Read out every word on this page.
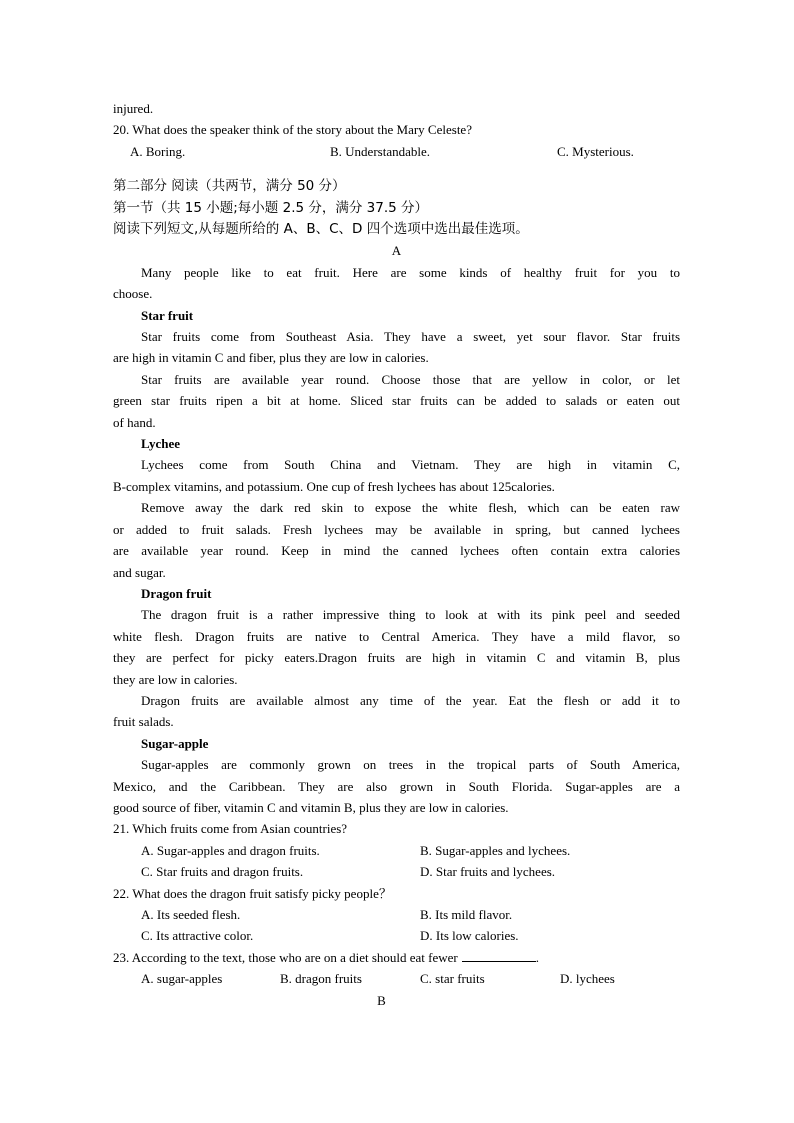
injured.
20. What does the speaker think of the story about the Mary Celeste?
A. Boring.	B. Understandable.	C. Mysterious.
第二部分 阅读（共两节，满分 50 分）
第一节（共 15 小题;每小题 2.5 分，满分 37.5 分）
阅读下列短文,从每题所给的 A、B、C、D 四个选项中选出最佳选项。
A
Many people like to eat fruit. Here are some kinds of healthy fruit for you to
choose.
Star fruit
Star fruits come from Southeast Asia. They have a sweet, yet sour flavor. Star fruits
are high in vitamin C and fiber, plus they are low in calories.
Star fruits are available year round. Choose those that are yellow in color, or let
green star fruits ripen a bit at home. Sliced star fruits can be added to salads or eaten out
of hand.
Lychee
Lychees come from South China and Vietnam. They are high in vitamin C,
B-complex vitamins, and potassium. One cup of fresh lychees has about 125calories.
Remove away the dark red skin to expose the white flesh, which can be eaten raw
or added to fruit salads. Fresh lychees may be available in spring, but canned lychees
are available year round. Keep in mind the canned lychees often contain extra calories
and sugar.
Dragon fruit
The dragon fruit is a rather impressive thing to look at with its pink peel and seeded
white flesh. Dragon fruits are native to Central America. They have a mild flavor, so
they are perfect for picky eaters.Dragon fruits are high in vitamin C and vitamin B, plus
they are low in calories.
Dragon fruits are available almost any time of the year. Eat the flesh or add it to
fruit salads.
Sugar-apple
Sugar-apples are commonly grown on trees in the tropical parts of South America,
Mexico, and the Caribbean. They are also grown in South Florida. Sugar-apples are a
good source of fiber, vitamin C and vitamin B, plus they are low in calories.
21. Which fruits come from Asian countries?
A. Sugar-apples and dragon fruits.	B. Sugar-apples and lychees.
C. Star fruits and dragon fruits.	D. Star fruits and lychees.
22. What does the dragon fruit satisfy picky people？
A. Its seeded flesh.	B. Its mild flavor.
C. Its attractive color.	D. Its low calories.
23. According to the text, those who are on a diet should eat fewer	.
A. sugar-apples	B. dragon fruits	C. star fruits	D. lychees
B
